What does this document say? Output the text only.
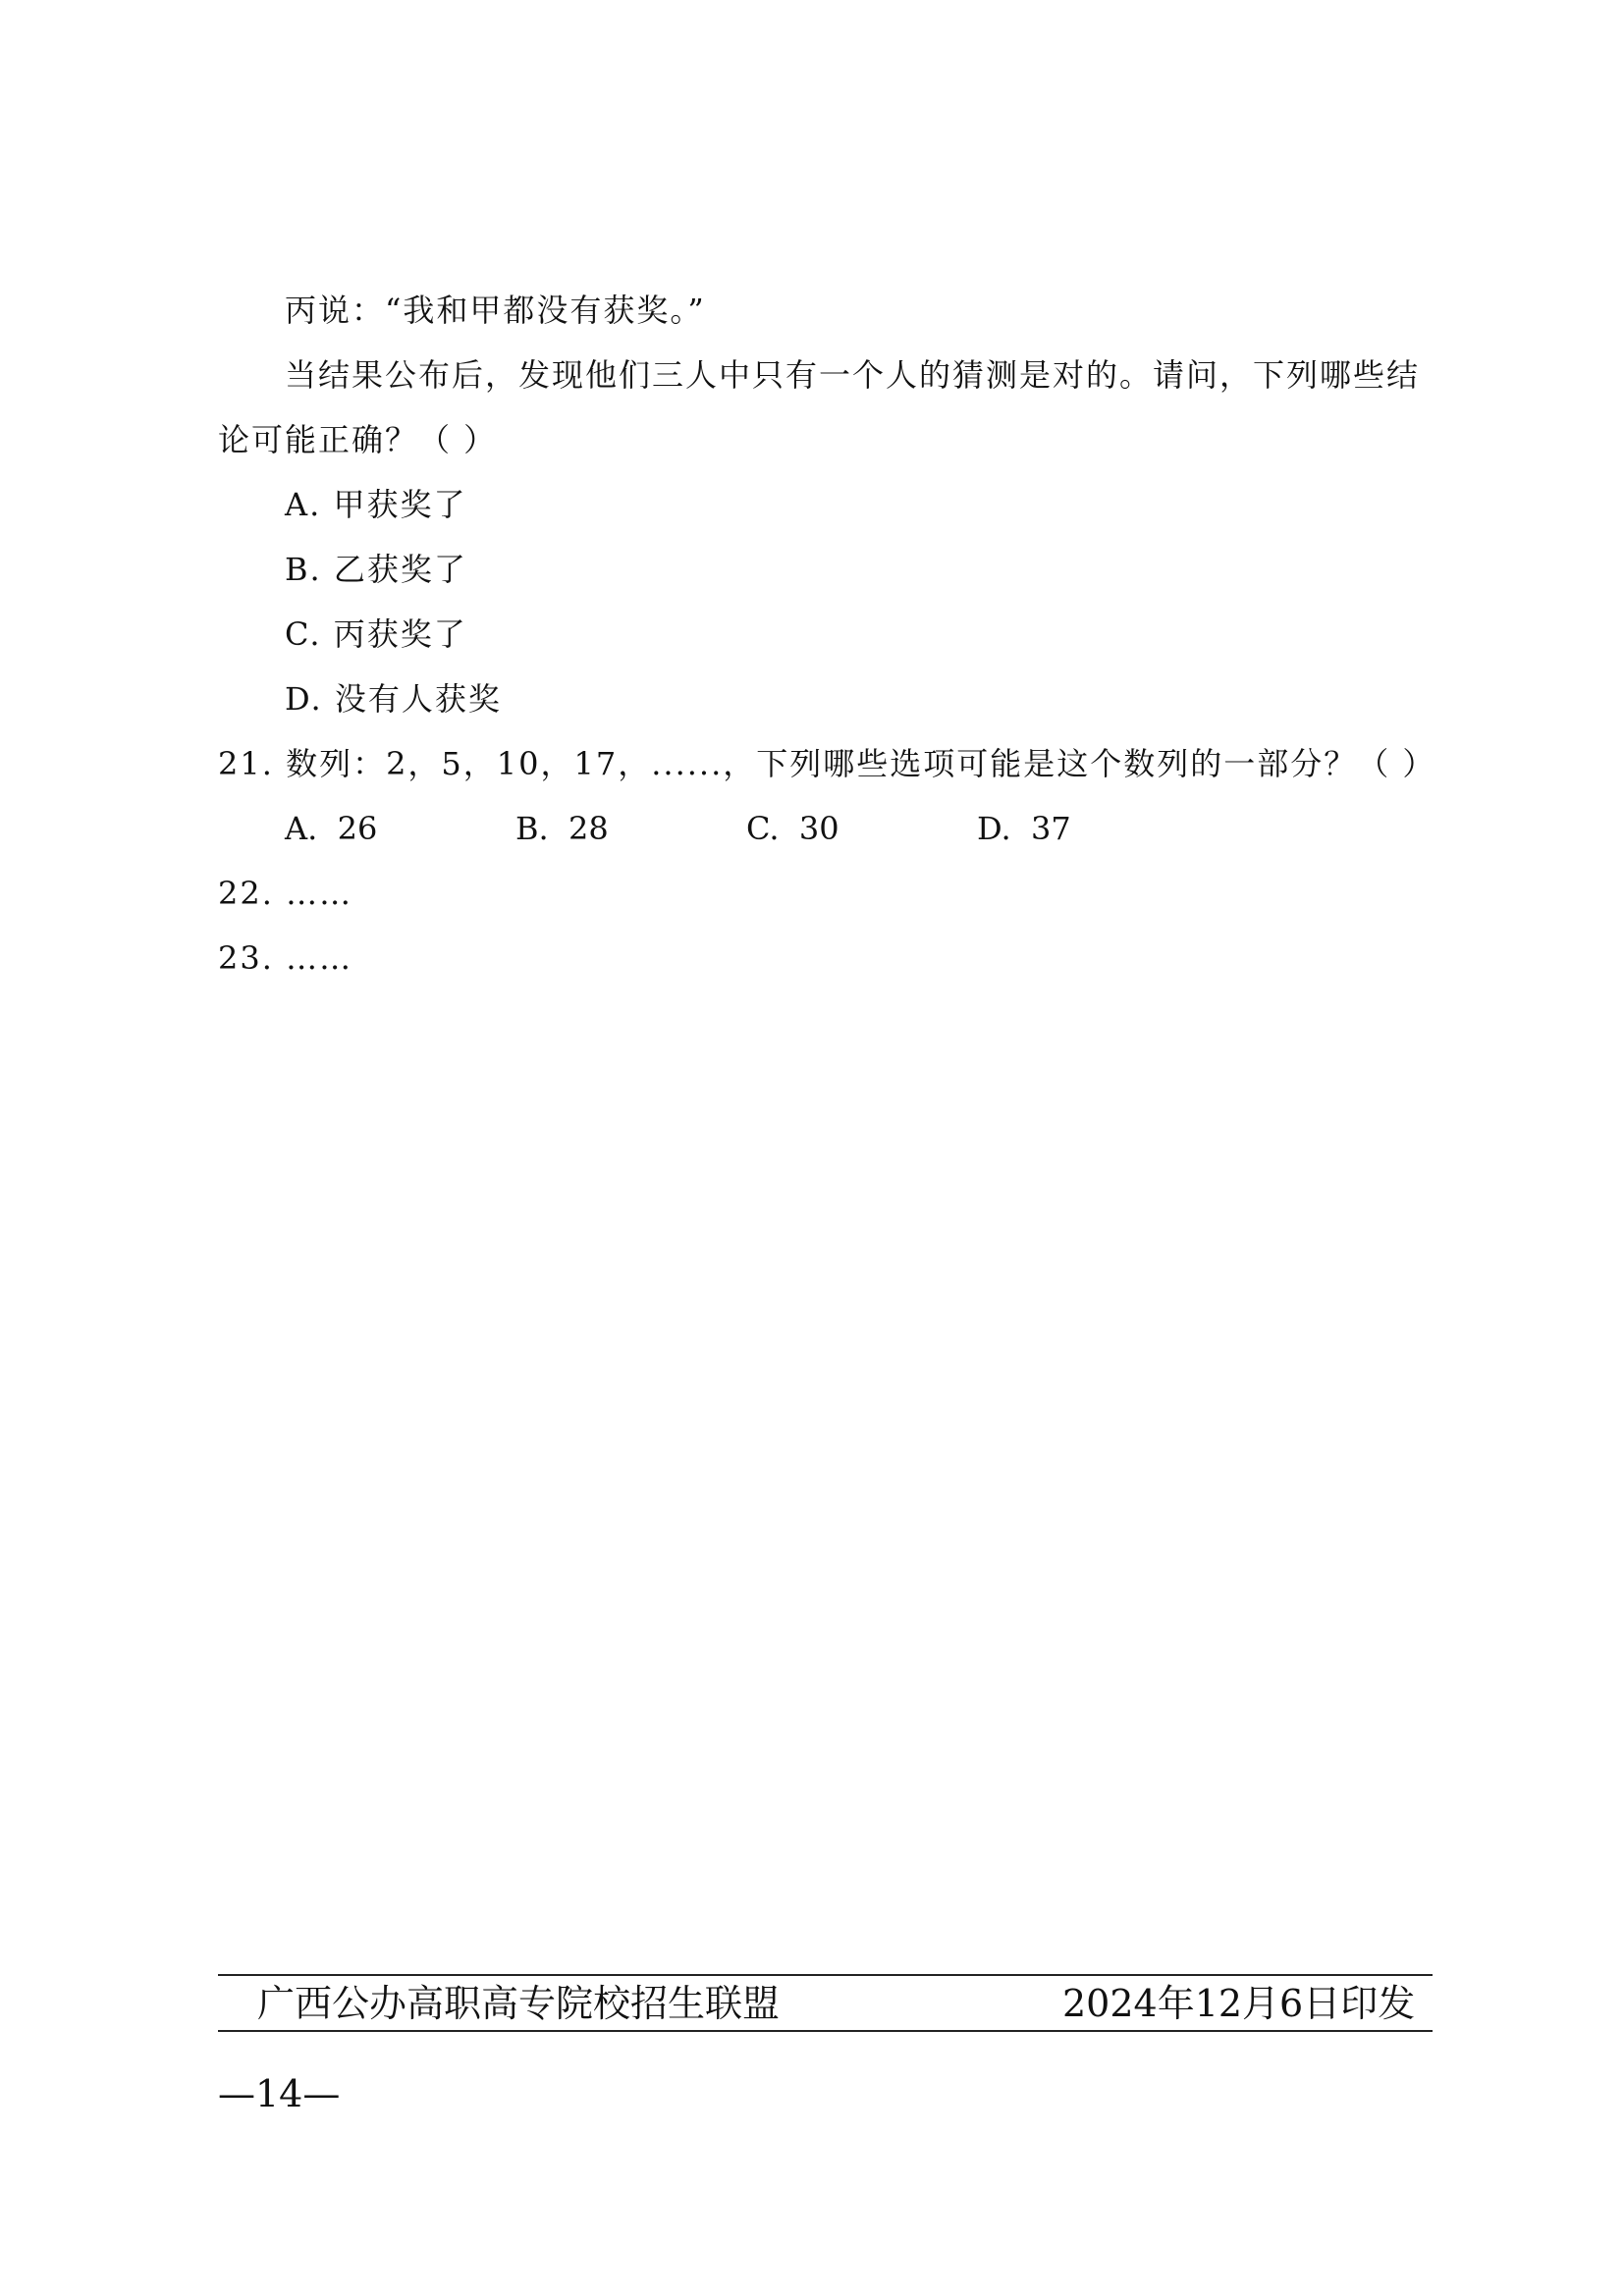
丙说：“我和甲都没有获奖。”
当结果公布后，发现他们三人中只有一个人的猜测是对的。请问，下列哪些结
论可能正确？（ ）
A. 甲获奖了
B. 乙获奖了
C. 丙获奖了
D. 没有人获奖
21. 数列：2，5，10，17，......，下列哪些选项可能是这个数列的一部分？（ ）
A. 26	B. 28	C. 30	D. 37
22. ……
23. ……
广西公办高职高专院校招生联盟	2024年12月6日印发
—14—
